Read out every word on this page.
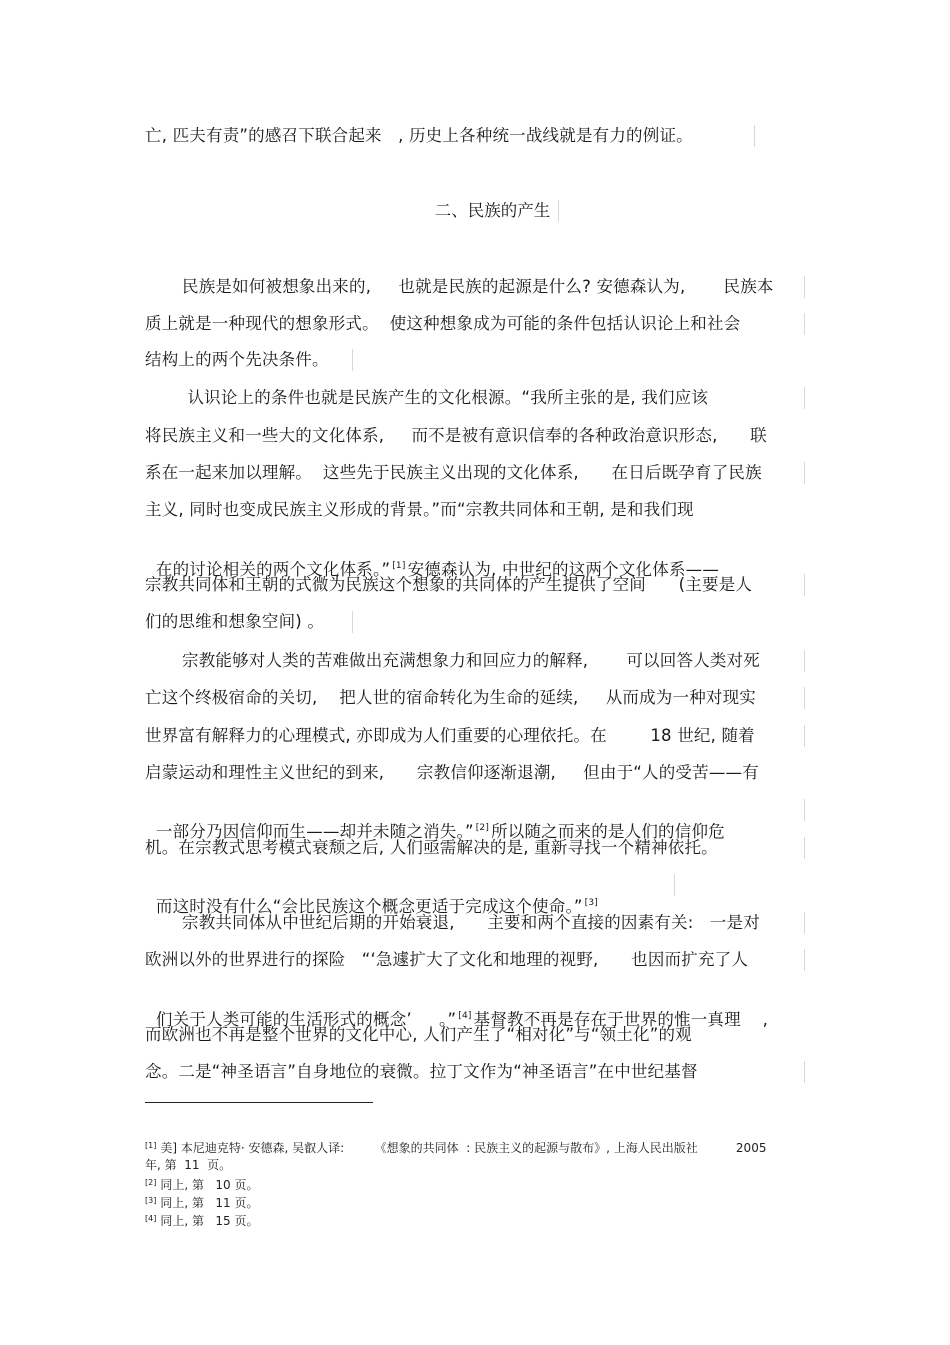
亡, 匹夫有责”的感召下联合起来   , 历史上各种统一战线就是有力的例证。
二、民族的产生
民族是如何被想象出来的,     也就是民族的起源是什么? 安德森认为,       民族本
质上就是一种现代的想象形式。  使这种想象成为可能的条件包括认识论上和社会
结构上的两个先决条件。
认识论上的条件也就是民族产生的文化根源。“我所主张的是, 我们应该
将民族主义和一些大的文化体系,     而不是被有意识信奉的各种政治意识形态,      联
系在一起来加以理解。  这些先于民族主义出现的文化体系,      在日后既孕育了民族
主义, 同时也变成民族主义形成的背景。”而“宗教共同体和王朝, 是和我们现

在的讨论相关的两个文化体系。” [1] 安德森认为, 中世纪的这两个文化体系——

宗教共同体和王朝的式微为民族这个想象的共同体的产生提供了空间      (主要是人
们的思维和想象空间) 。
宗教能够对人类的苦难做出充满想象力和回应力的解释,       可以回答人类对死
亡这个终极宿命的关切,    把人世的宿命转化为生命的延续,     从而成为一种对现实
世界富有解释力的心理模式, 亦即成为人们重要的心理依托。在        18 世纪, 随着
启蒙运动和理性主义世纪的到来,      宗教信仰逐渐退潮,     但由于“人的受苦——有

一部分乃因信仰而生——却并未随之消失。” [2] 所以随之而来的是人们的信仰危

机。在宗教式思考模式衰颓之后, 人们亟需解决的是, 重新寻找一个精神依托。

而这时没有什么“会比民族这个概念更适于完成这个使命。” [3]

宗教共同体从中世纪后期的开始衰退,      主要和两个直接的因素有关:   一是对
欧洲以外的世界进行的探险   “‘急遽扩大了文化和地理的视野,      也因而扩充了人

们关于人类可能的生活形式的概念’     。” [4] 基督教不再是存在于世界的惟一真理    ,

而欧洲也不再是整个世界的文化中心, 人们产生了“相对化”与“领土化”的观
念。二是“神圣语言”自身地位的衰微。拉丁文作为“神圣语言”在中世纪基督
[1] 美] 本尼迪克特· 安德森, 吴叡人译:        《想象的共同体  : 民族主义的起源与散布》, 上海人民出版社          2005
年, 第  11  页。
[2] 同上, 第   10 页。
[3] 同上, 第   11 页。
[4] 同上, 第   15 页。
